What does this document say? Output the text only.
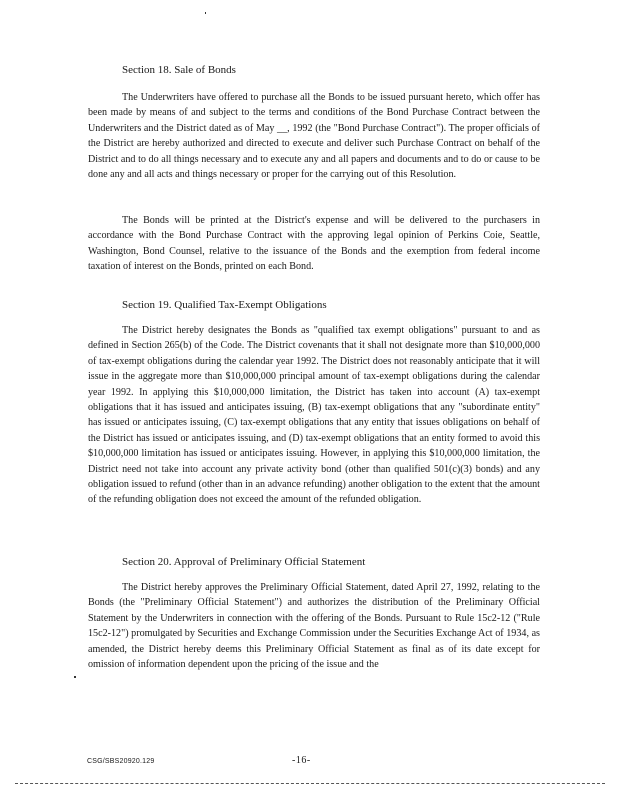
Section 18. Sale of Bonds

The Underwriters have offered to purchase all the Bonds to be issued pursuant hereto, which offer has been made by means of and subject to the terms and conditions of the Bond Purchase Contract between the Underwriters and the District dated as of May __, 1992 (the "Bond Purchase Contract"). The proper officials of the District are hereby authorized and directed to execute and deliver such Purchase Contract on behalf of the District and to do all things necessary and to execute any and all papers and documents and to do or cause to be done any and all acts and things necessary or proper for the carrying out of this Resolution.

The Bonds will be printed at the District's expense and will be delivered to the purchasers in accordance with the Bond Purchase Contract with the approving legal opinion of Perkins Coie, Seattle, Washington, Bond Counsel, relative to the issuance of the Bonds and the exemption from federal income taxation of interest on the Bonds, printed on each Bond.

Section 19. Qualified Tax-Exempt Obligations

The District hereby designates the Bonds as "qualified tax exempt obligations" pursuant to and as defined in Section 265(b) of the Code. The District covenants that it shall not designate more than $10,000,000 of tax-exempt obligations during the calendar year 1992. The District does not reasonably anticipate that it will issue in the aggregate more than $10,000,000 principal amount of tax-exempt obligations during the calendar year 1992. In applying this $10,000,000 limitation, the District has taken into account (A) tax-exempt obligations that it has issued and anticipates issuing, (B) tax-exempt obligations that any "subordinate entity" has issued or anticipates issuing, (C) tax-exempt obligations that any entity that issues obligations on behalf of the District has issued or anticipates issuing, and (D) tax-exempt obligations that an entity formed to avoid this $10,000,000 limitation has issued or anticipates issuing. However, in applying this $10,000,000 limitation, the District need not take into account any private activity bond (other than qualified 501(c)(3) bonds) and any obligation issued to refund (other than in an advance refunding) another obligation to the extent that the amount of the refunding obligation does not exceed the amount of the refunded obligation.

Section 20. Approval of Preliminary Official Statement

The District hereby approves the Preliminary Official Statement, dated April 27, 1992, relating to the Bonds (the "Preliminary Official Statement") and authorizes the distribution of the Preliminary Official Statement by the Underwriters in connection with the offering of the Bonds. Pursuant to Rule 15c2-12 ("Rule 15c2-12") promulgated by Securities and Exchange Commission under the Securities Exchange Act of 1934, as amended, the District hereby deems this Preliminary Official Statement as final as of its date except for omission of information dependent upon the pricing of the issue and the

CSG/SBS20920.129	-16-
